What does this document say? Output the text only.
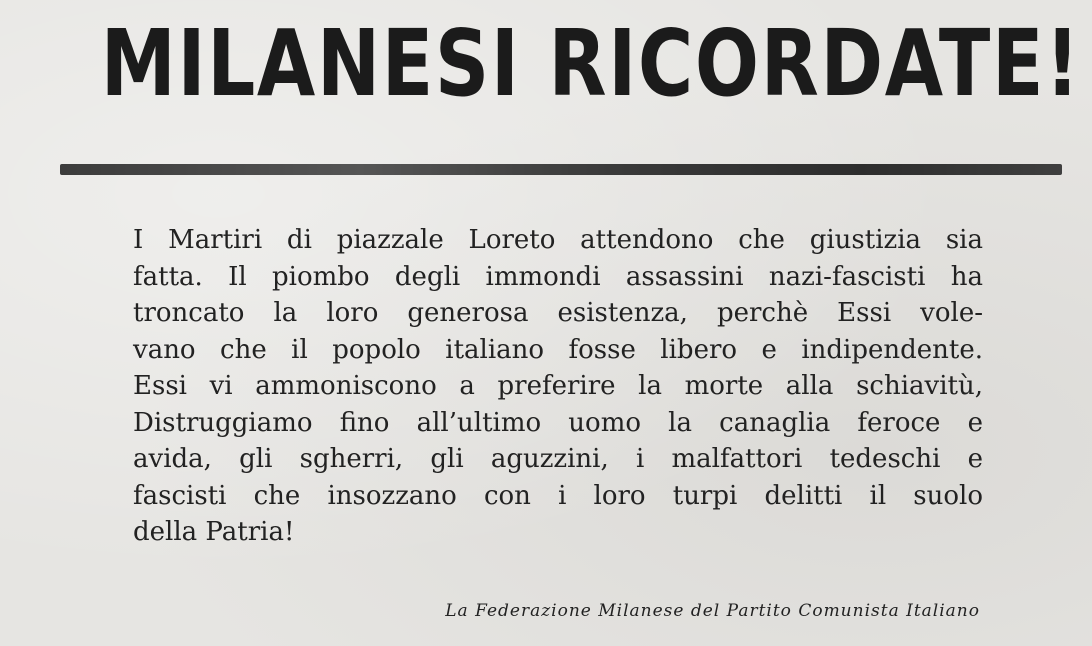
MILANESI RICORDATE!
I Martiri di piazzale Loreto attendono che giustizia sia
fatta. Il piombo degli immondi assassini nazi-fascisti ha
troncato la loro generosa esistenza, perchè Essi vole-
vano che il popolo italiano fosse libero e indipendente.
Essi vi ammoniscono a preferire la morte alla schiavitù,
Distruggiamo fino all’ultimo uomo la canaglia feroce e
avida, gli sgherri, gli aguzzini, i malfattori tedeschi e
fascisti che insozzano con i loro turpi delitti il suolo
della Patria!

La Federazione Milanese del Partito Comunista Italiano
